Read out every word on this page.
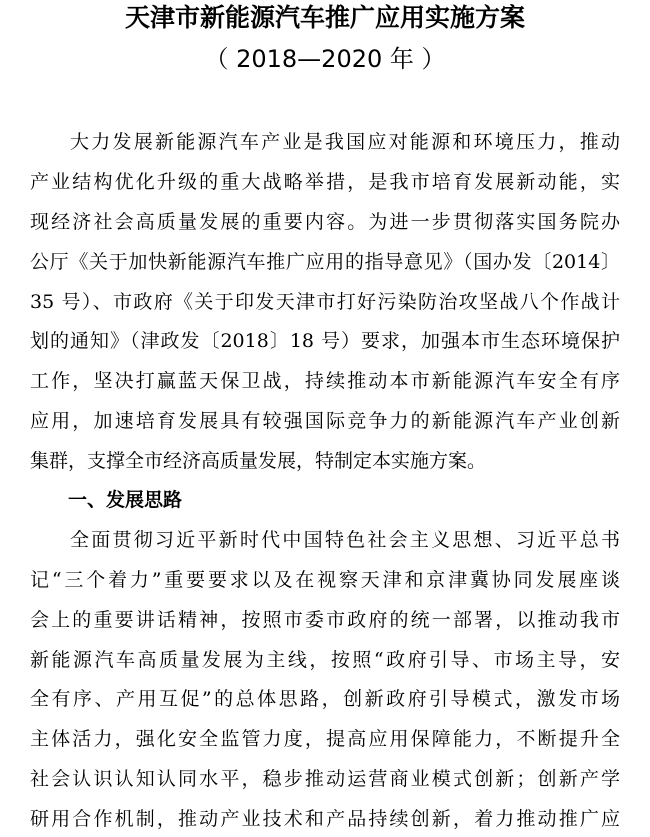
天津市新能源汽车推广应用实施方案
（ 2018—2020 年 ）
大力发展新能源汽车产业是我国应对能源和环境压力，推动
产业结构优化升级的重大战略举措，是我市培育发展新动能，实
现经济社会高质量发展的重要内容。为进一步贯彻落实国务院办
公厅《关于加快新能源汽车推广应用的指导意见》（国办发〔2014〕
35 号）、市政府《关于印发天津市打好污染防治攻坚战八个作战计
划的通知》（津政发〔2018〕18 号）要求，加强本市生态环境保护
工作，坚决打赢蓝天保卫战，持续推动本市新能源汽车安全有序
应用，加速培育发展具有较强国际竞争力的新能源汽车产业创新
集群，支撑全市经济高质量发展，特制定本实施方案。
一、发展思路
全面贯彻习近平新时代中国特色社会主义思想、习近平总书
记“三个着力”重要要求以及在视察天津和京津冀协同发展座谈
会上的重要讲话精神，按照市委市政府的统一部署，以推动我市
新能源汽车高质量发展为主线，按照“政府引导、市场主导，安
全有序、产用互促”的总体思路，创新政府引导模式，激发市场
主体活力，强化安全监管力度，提高应用保障能力，不断提升全
社会认识认知认同水平，稳步推动运营商业模式创新；创新产学
研用合作机制，推动产业技术和产品持续创新，着力推动推广应
